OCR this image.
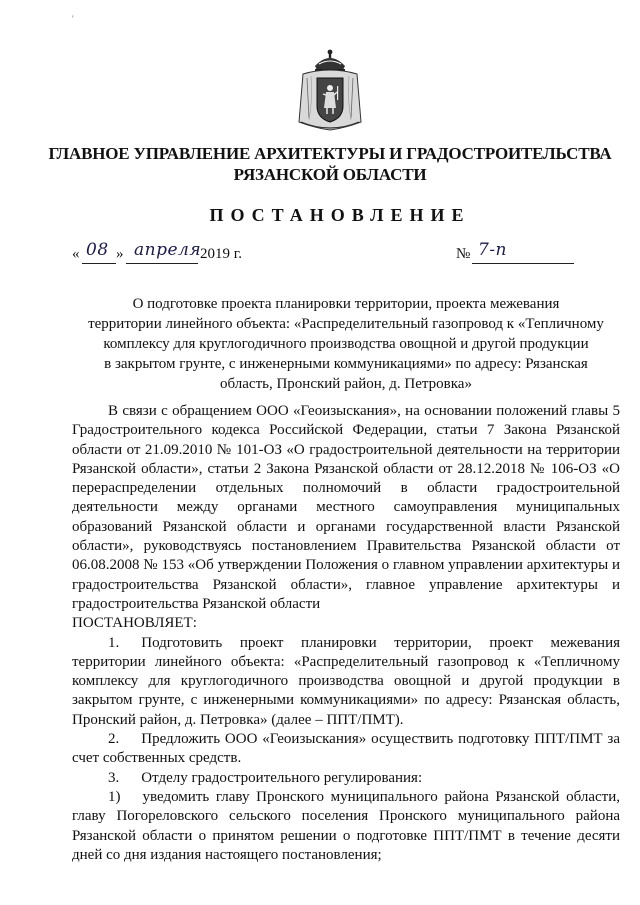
'
ГЛАВНОЕ УПРАВЛЕНИЕ АРХИТЕКТУРЫ И ГРАДОСТРОИТЕЛЬСТВА
РЯЗАНСКОЙ ОБЛАСТИ
ПОСТАНОВЛЕНИЕ
« 08 » апреля
2019 г.	№ 7-п
О подготовке проекта планировки территории, проекта межевания
территории линейного объекта: «Распределительный газопровод к «Тепличному
комплексу для круглогодичного производства овощной и другой продукции
в закрытом грунте, с инженерными коммуникациями» по адресу: Рязанская
область, Пронский район, д. Петровка»

В связи с обращением ООО «Геоизыскания», на основании положений главы 5 Градостроительного кодекса Российской Федерации, статьи 7 Закона Рязанской области от 21.09.2010 № 101-ОЗ «О градостроительной деятельности на территории Рязанской области», статьи 2 Закона Рязанской области от 28.12.2018 № 106-ОЗ «О перераспределении отдельных полномочий в области градостроительной деятельности между органами местного самоуправления муниципальных образований Рязанской области и органами государственной власти Рязанской области», руководствуясь постановлением Правительства Рязанской области от 06.08.2008 № 153 «Об утверждении Положения о главном управлении архитектуры и градостроительства Рязанской области», главное управление архитектуры и градостроительства Рязанской области

ПОСТАНОВЛЯЕТ:

1. Подготовить проект планировки территории, проект межевания территории линейного объекта: «Распределительный газопровод к «Тепличному комплексу для круглогодичного производства овощной и другой продукции в закрытом грунте, с инженерными коммуникациями» по адресу: Рязанская область, Пронский район, д. Петровка» (далее – ППТ/ПМТ).

2. Предложить ООО «Геоизыскания» осуществить подготовку ППТ/ПМТ за счет собственных средств.

3. Отделу градостроительного регулирования:

1) уведомить главу Пронского муниципального района Рязанской области, главу Погореловского сельского поселения Пронского муниципального района Рязанской области о принятом решении о подготовке ППТ/ПМТ в течение десяти дней со дня издания настоящего постановления;
